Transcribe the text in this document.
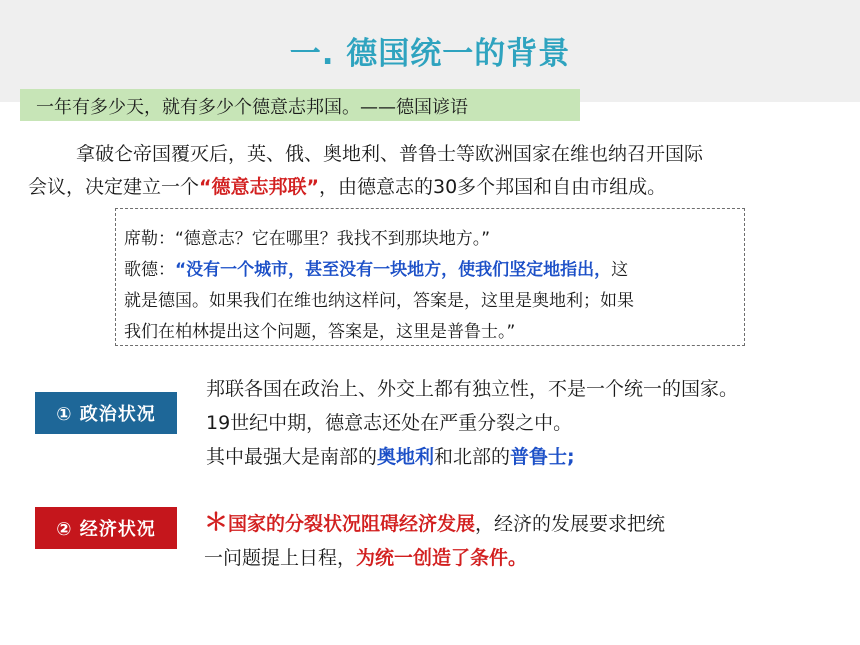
一. 德国统一的背景
一年有多少天，就有多少个德意志邦国。——德国谚语
拿破仑帝国覆灭后，英、俄、奥地利、普鲁士等欧洲国家在维也纳召开国际
会议，决定建立一个“德意志邦联”，由德意志的30多个邦国和自由市组成。
席勒：“德意志？它在哪里？我找不到那块地方。”
歌德：“没有一个城市，甚至没有一块地方，使我们坚定地指出，这
就是德国。如果我们在维也纳这样问，答案是，这里是奥地利；如果
我们在柏林提出这个问题，答案是，这里是普鲁士。”
① 政治状况
邦联各国在政治上、外交上都有独立性，不是一个统一的国家。
19世纪中期，德意志还处在严重分裂之中。
其中最强大是南部的奥地利和北部的普鲁士;
② 经济状况	＊国家的分裂状况阻碍经济发展，经济的发展要求把统
一问题提上日程，为统一创造了条件。
